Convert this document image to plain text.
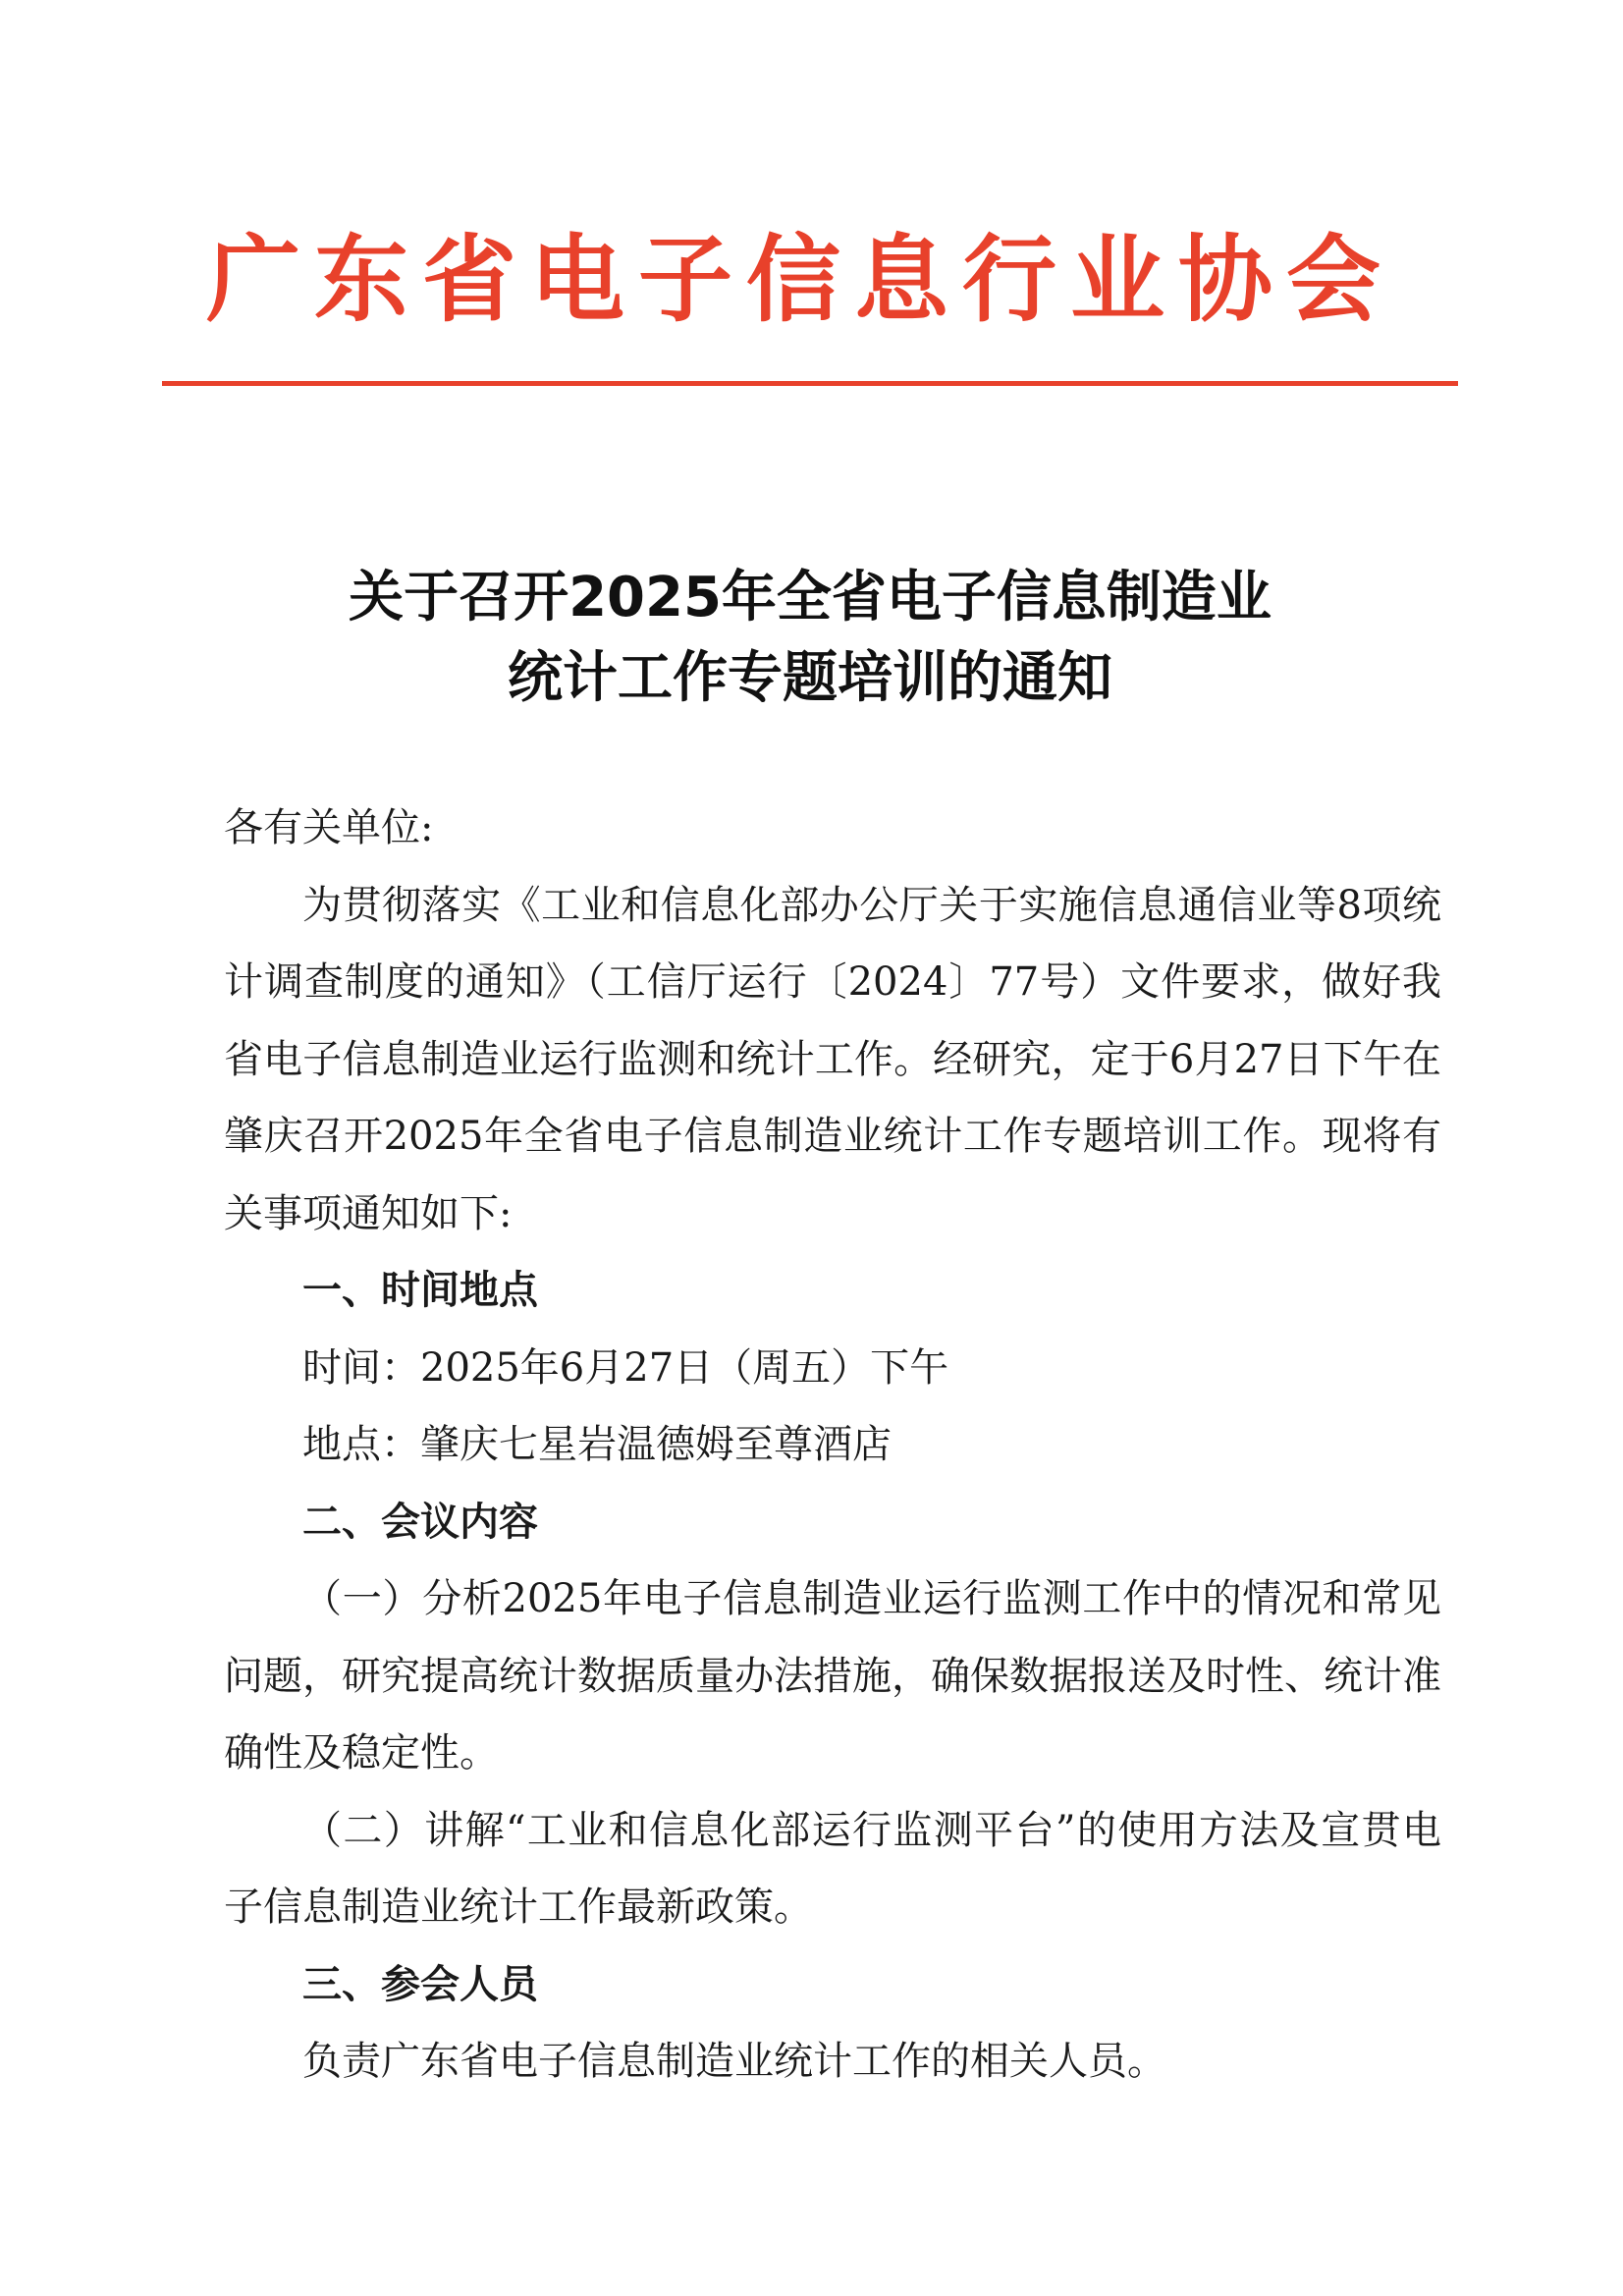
广东省电子信息行业协会
关于召开2025年全省电子信息制造业
统计工作专题培训的通知

各有关单位:

为贯彻落实《工业和信息化部办公厅关于实施信息通信业等8项统计调查制度的通知》（工信厅运行〔2024〕77号）文件要求，做好我省电子信息制造业运行监测和统计工作。经研究，定于6月27日下午在肇庆召开2025年全省电子信息制造业统计工作专题培训工作。现将有关事项通知如下:

一、时间地点

时间：2025年6月27日（周五）下午

地点：肇庆七星岩温德姆至尊酒店

二、会议内容

（一）分析2025年电子信息制造业运行监测工作中的情况和常见问题，研究提高统计数据质量办法措施，确保数据报送及时性、统计准确性及稳定性。

（二）讲解“工业和信息化部运行监测平台”的使用方法及宣贯电子信息制造业统计工作最新政策。

三、参会人员

负责广东省电子信息制造业统计工作的相关人员。
